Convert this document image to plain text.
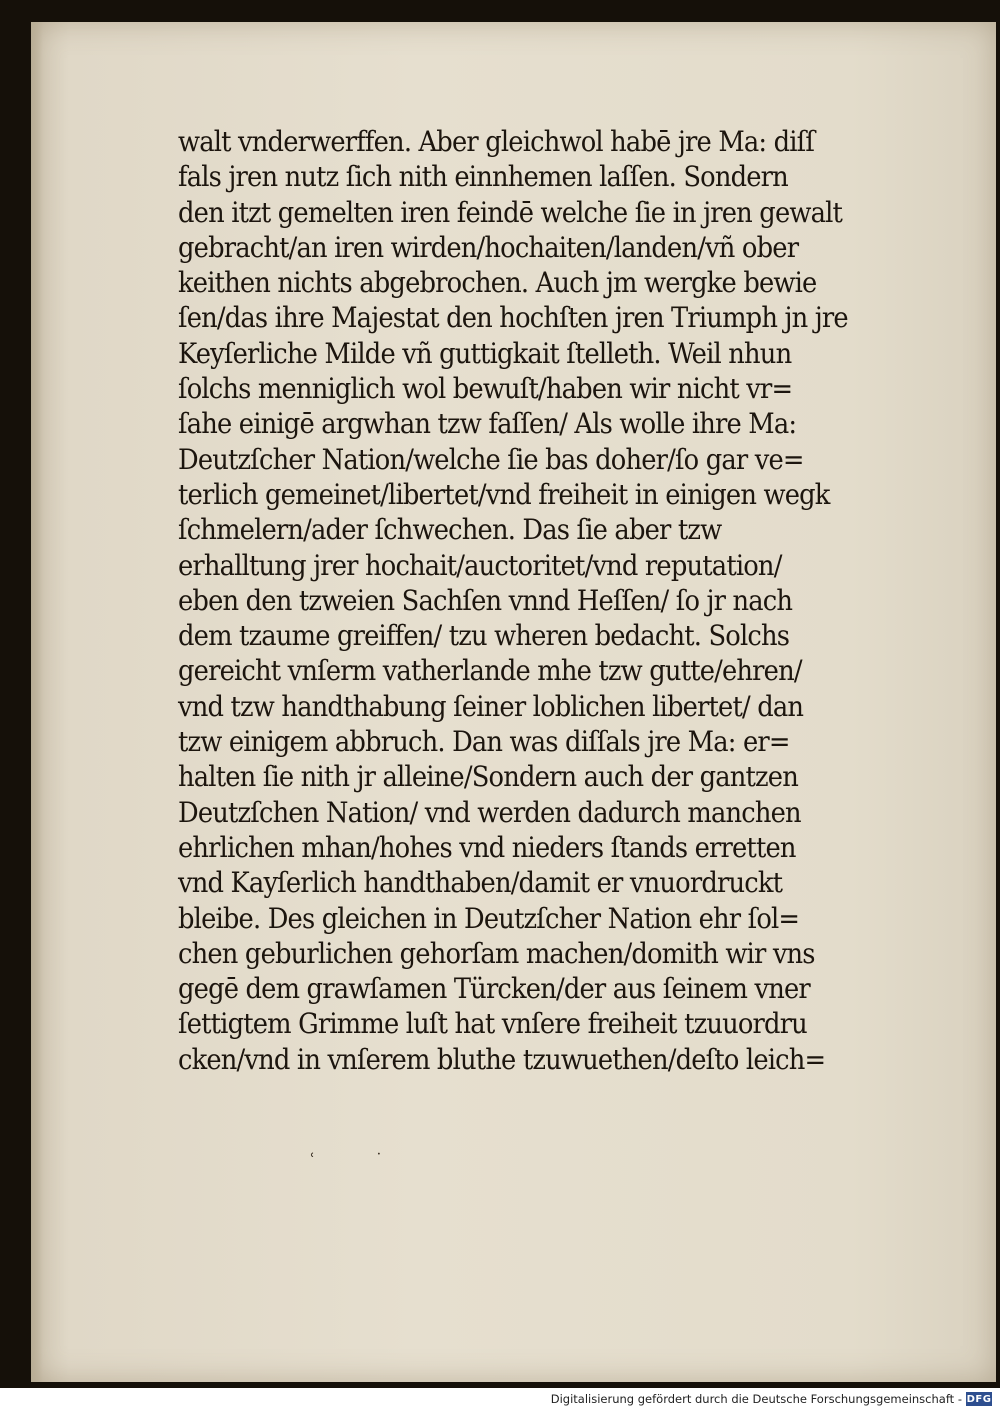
walt vnderwerffen. Aber gleichwol habē jre Ma: diſſ
fals jren nutz ſich nith einnhemen laſſen. Sondern
den itzt gemelten iren feindē welche ſie in jren gewalt
gebracht/an iren wirden/hochaiten/landen/vñ ober
keithen nichts abgebrochen. Auch jm wergke bewie
ſen/das ihre Majestat den hochſten jren Triumph jn jre
Keyſerliche Milde vñ guttigkait ſtelleth. Weil nhun
ſolchs menniglich wol bewuſt/haben wir nicht vr=
ſahe einigē argwhan tzw faſſen/ Als wolle ihre Ma:
Deutzſcher Nation/welche ſie bas doher/ſo gar ve=
terlich gemeinet/libertet/vnd freiheit in einigen wegk
ſchmelern/ader ſchwechen. Das ſie aber tzw
erhalltung jrer hochait/auctoritet/vnd reputation/
eben den tzweien Sachſen vnnd Heſſen/ ſo jr nach
dem tzaume greiffen/ tzu wheren bedacht. Solchs
gereicht vnſerm vatherlande mhe tzw gutte/ehren/
vnd tzw handthabung ſeiner loblichen libertet/ dan
tzw einigem abbruch. Dan was diſſals jre Ma: er=
halten ſie nith jr alleine/Sondern auch der gantzen
Deutzſchen Nation/ vnd werden dadurch manchen
ehrlichen mhan/hohes vnd nieders ſtands erretten
vnd Kayſerlich handthaben/damit er vnuordruckt
bleibe. Des gleichen in Deutzſcher Nation ehr ſol=
chen geburlichen gehorſam machen/domith wir vns
gegē dem grawſamen Türcken/der aus ſeinem vner
ſettigtem Grimme luſt hat vnſere freiheit tzuuordru
cken/vnd in vnſerem bluthe tzuwuethen/deſto leich=
ʿ˙
Digitalisierung gefördert durch die Deutsche Forschungsgemeinschaft - DFG
